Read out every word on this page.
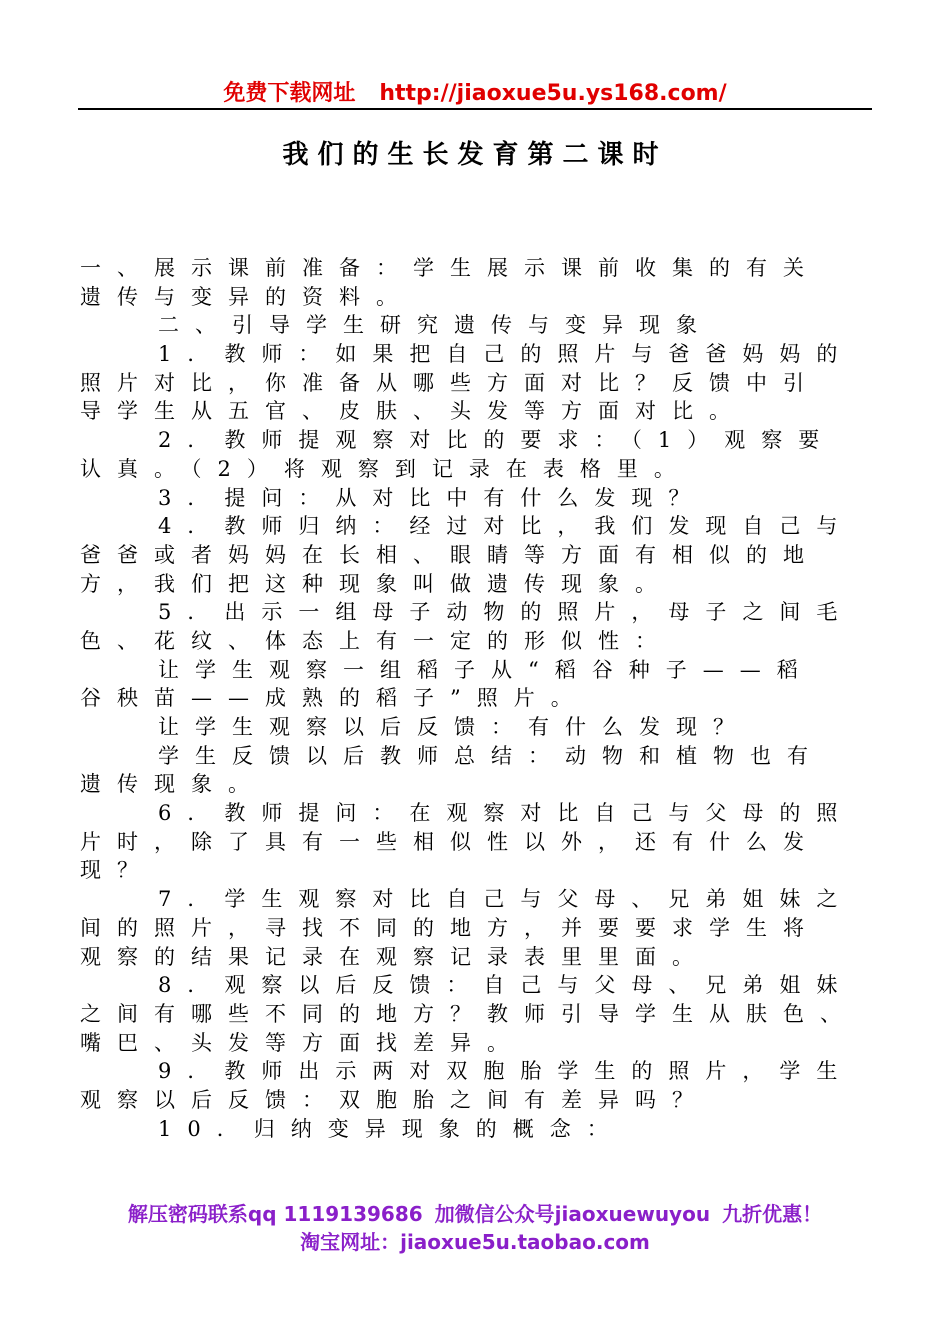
免费下载网址 http://jiaoxue5u.ys168.com/
我们的生长发育第二课时
一、展示课前准备：学生展示课前收集的有关
遗传与变异的资料。
二、引导学生研究遗传与变异现象
1．教师：如果把自己的照片与爸爸妈妈的
照片对比，你准备从哪些方面对比？反馈中引
导学生从五官、皮肤、头发等方面对比。
2．教师提观察对比的要求：（1）观察要
认真。（2）将观察到记录在表格里。
3．提问：从对比中有什么发现？
4．教师归纳：经过对比，我们发现自己与
爸爸或者妈妈在长相、眼睛等方面有相似的地
方，我们把这种现象叫做遗传现象。
5．出示一组母子动物的照片，母子之间毛
色、花纹、体态上有一定的形似性：
让学生观察一组稻子从“稻谷种子——稻
谷秧苗——成熟的稻子”照片。
让学生观察以后反馈：有什么发现？
学生反馈以后教师总结：动物和植物也有
遗传现象。
6．教师提问：在观察对比自己与父母的照
片时，除了具有一些相似性以外，还有什么发
现？
7．学生观察对比自己与父母、兄弟姐妹之
间的照片，寻找不同的地方，并要要求学生将
观察的结果记录在观察记录表里里面。
8．观察以后反馈：自己与父母、兄弟姐妹
之间有哪些不同的地方？教师引导学生从肤色、
嘴巴、头发等方面找差异。
9．教师出示两对双胞胎学生的照片，学生
观察以后反馈：双胞胎之间有差异吗？
10．归纳变异现象的概念：
解压密码联系qq 1119139686 加微信公众号jiaoxuewuyou 九折优惠！
淘宝网址：jiaoxue5u.taobao.com
